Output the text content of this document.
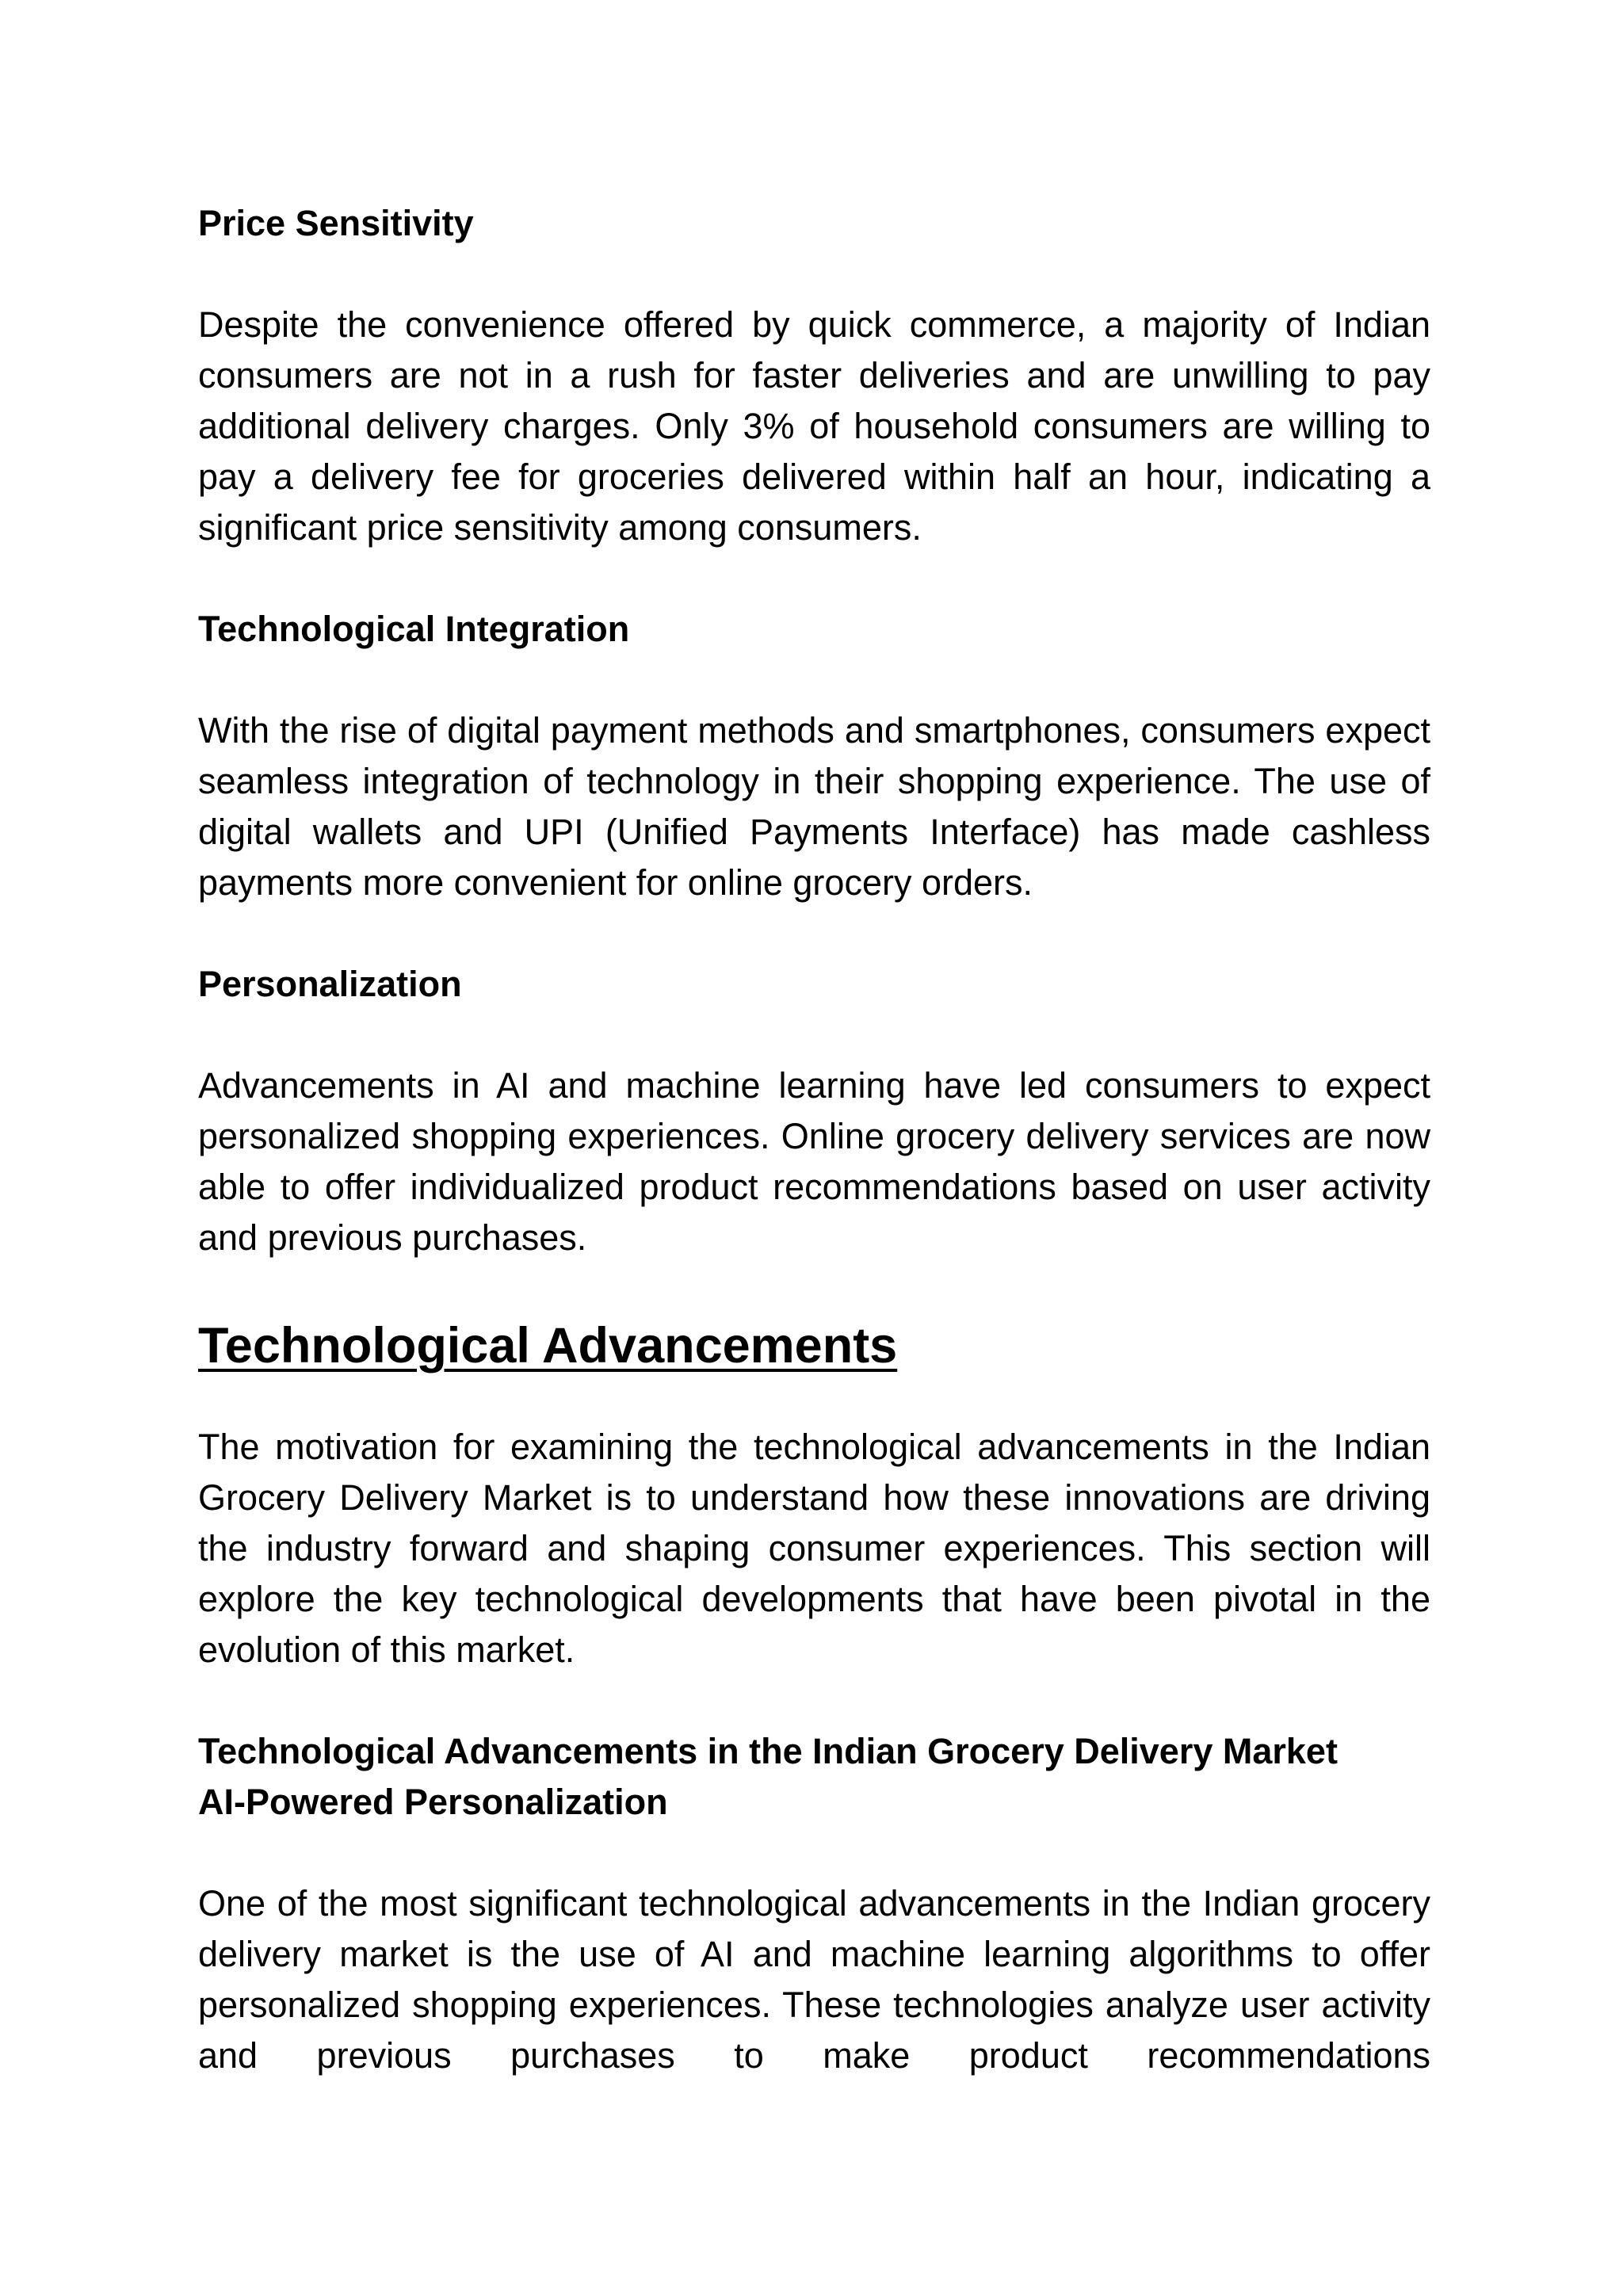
Price Sensitivity

Despite the convenience offered by quick commerce, a majority of Indian consumers are not in a rush for faster deliveries and are unwilling to pay additional delivery charges. Only 3% of household consumers are willing to pay a delivery fee for groceries delivered within half an hour, indicating a significant price sensitivity among consumers.

Technological Integration

With the rise of digital payment methods and smartphones, consumers expect seamless integration of technology in their shopping experience. The use of digital wallets and UPI (Unified Payments Interface) has made cashless payments more convenient for online grocery orders.

Personalization

Advancements in AI and machine learning have led consumers to expect personalized shopping experiences. Online grocery delivery services are now able to offer individualized product recommendations based on user activity and previous purchases.

Technological Advancements

The motivation for examining the technological advancements in the Indian Grocery Delivery Market is to understand how these innovations are driving the industry forward and shaping consumer experiences. This section will explore the key technological developments that have been pivotal in the evolution of this market.

Technological Advancements in the Indian Grocery Delivery Market

AI-Powered Personalization

One of the most significant technological advancements in the Indian grocery delivery market is the use of AI and machine learning algorithms to offer personalized shopping experiences. These technologies analyze user activity and previous purchases to make product recommendations
